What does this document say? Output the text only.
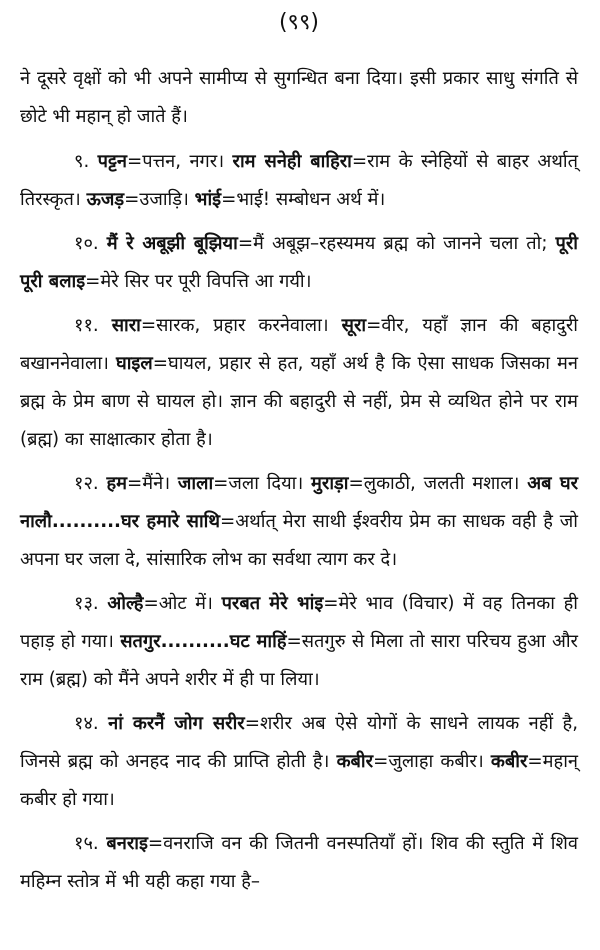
(९९)
ने दूसरे वृक्षों को भी अपने सामीप्य से सुगन्धित बना दिया। इसी प्रकार साधु संगति से छोटे भी महान् हो जाते हैं।
९. पट्टन=पत्तन, नगर। राम सनेही बाहिरा=राम के स्नेहियों से बाहर अर्थात् तिरस्कृत। ऊजड़=उजाड़ि। भांई=भाई! सम्बोधन अर्थ में।
१०. मैं रे अबूझी बूझिया=मैं अबूझ–रहस्यमय ब्रह्म को जानने चला तो; पूरी पूरी बलाइ=मेरे सिर पर पूरी विपत्ति आ गयी।
११. सारा=सारक, प्रहार करनेवाला। सूरा=वीर, यहाँ ज्ञान की बहादुरी बखाननेवाला। घाइल=घायल, प्रहार से हत, यहाँ अर्थ है कि ऐसा साधक जिसका मन ब्रह्म के प्रेम बाण से घायल हो। ज्ञान की बहादुरी से नहीं, प्रेम से व्यथित होने पर राम (ब्रह्म) का साक्षात्कार होता है।
१२. हम=मैंने। जाला=जला दिया। मुराड़ा=लुकाठी, जलती मशाल। अब घर नालौ..........घर हमारे साथि=अर्थात् मेरा साथी ईश्वरीय प्रेम का साधक वही है जो अपना घर जला दे, सांसारिक लोभ का सर्वथा त्याग कर दे।
१३. ओल्है=ओट में। परबत मेरे भांइ=मेरे भाव (विचार) में वह तिनका ही पहाड़ हो गया। सतगुर..........घट माहिं=सतगुरु से मिला तो सारा परिचय हुआ और राम (ब्रह्म) को मैंने अपने शरीर में ही पा लिया।
१४. नां करनैं जोग सरीर=शरीर अब ऐसे योगों के साधने लायक नहीं है, जिनसे ब्रह्म को अनहद नाद की प्राप्ति होती है। कबीर=जुलाहा कबीर। कबीर=महान् कबीर हो गया।
१५. बनराइ=वनराजि वन की जितनी वनस्पतियाँ हों। शिव की स्तुति में शिव महिम्न स्तोत्र में भी यही कहा गया है–
